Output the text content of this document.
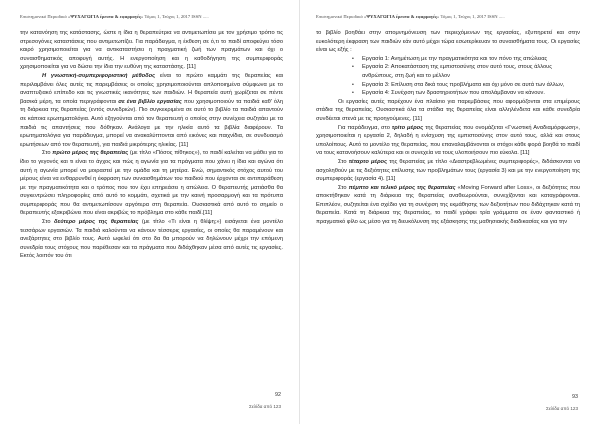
Επιστημονικό Περιοδικό «ΨΥΧΑΓΩΓΙΑ έρευνα & εφαρμογές» Τόμος 1, Τεύχος 1, 2017 ISSN .....

την κατανόηση της κατάστασης, ώστε η ίδια η θεραπεύτρια να αντιμετωπίσει με τον χρήσιμο τρόπο τις στρεσογόνες καταστάσεις που αντιμετωπίζει. Για παράδειγμα, η έκθεση σε ό,τι το παιδί αποφεύγει τόσο καιρό χρησιμοποιείται για να αντικαταστήσει η πραγματική ζωή των πραγμάτων και όχι ο συναισθηματικός αποφυγή αυτής. Η ενεργοποίηση και η καθοδήγηση της συμπεριφοράς χρησιμοποιείται για να δώσει την ίδια την ευθύνη της καταστάσης. [11]

Η γνωστική-συμπεριφοριστική μέθοδος είναι το πρώτο καμμάτι της θεραπείας και περιλαμβάνει όλες αυτές τις παρεμβάσεις οι οποίες χρησιμοποιούνται απλοποιημένα σύμφωνα με το αναπτυξιακό επίπεδο και τις γνωστικές ικανότητες των παιδιών. Η θεραπεία αυτή χωρίζεται σε πέντε βασικά μέρη, τα οποία περιγράφονται σε ένα βιβλίο εργασίας που χρησιμοποιούν τα παιδιά καθ' όλη τη διάρκεια της θεραπείας (εντός συνεδριών). Πιο συγκεκριμένα σε αυτό το βιβλίο τα παιδιά απαντούν σε κάποια ερωτηματολόγια. Αυτό εξηγούνται από τον θεραπευτή ο οποίος στην συνέχεια συζητάει με τα παιδιά τις απαντήσεις που δόθηκαν. Ανάλογα με την ηλικία αυτό τα βιβλία διαφέρουν. Τα ερωτηματολόγια για παράδειγμα, μπορεί να ανακαλύπτονται από εικόνες και παιχνίδια, σε συνδυασμό ερωτήσεων από τον θεραπευτή, για παιδιά μικρότερης ηλικίας. [11]

Στο πρώτο μέρος της θεραπείας (με τίτλο «Πόσος πίθηκος»), το παιδί καλείται να μάθει για το ίδιο το γεγονός και τι είναι το άγχος και πώς η αγωνία για τα πράγματα που χάνει η ίδια και αγώνα ότι αυτή η αγωνία μπορεί να μοιραστεί με την ομάδα και τη μητέρα. Ενώ, σημαντικός στόχος αυτού του μέρους είναι να ενθαρρυνθεί η έκφραση των συναισθημάτων του παιδιού που έρχονται σε αντιπαράθεση με την πραγματικότητα και ο τρόπος που τον έχει επηρεάσει η απώλεια. Ο θεραπευτής ματιάσθα θα συγκεντρώσει πληροφορίες από αυτό το κομμάτι, σχετικά με την καινή προσαρμογή και τα πρότυπα συμπεριφοράς που θα αντιμετωπίσουν αργότερα στη θεραπεία. Ουσιαστικά από αυτό το σημείο ο θεραπευτής εξακριβώνει που είναι ακριβώς το πρόβλημα στο κάθε παιδί.[11]

Στο δεύτερο μέρος της θεραπείας (με τίτλο «Τι είναι η θλίψη;») εισάγεται ένα μοντέλο τεσσάρων εργασιών. Τα παιδιά καλούνται να κάνουν τέσσερις εργασίες, οι οποίες θα παραμένουν και ανεξάρτητες στο βιβλίο τους. Αυτό ωφελεί ότι στο δα θα μπορούν να δηλώνουν μέχρι την επόμενη συνεδρία τους στόχους που παρέθεσαν και τα πράγματα που διδάχθηκαν μέσα από αυτές τις εργασίες. Εκτός λοιπόν του ότι

92
Σελίδα από 123
Επιστημονικό Περιοδικό «ΨΥΧΑΓΩΓΙΑ έρευνα & εφαρμογές» Τόμος 1, Τεύχος 1, 2017 ISSN .....

το βιβλίο βοηθάει στην απομνημόνευση των περιεχόμενων της εργασίας, εξυπηρετεί και στην ευκολότερη έκφραση των παιδιών εάν αυτό μέχρι τώρα εσωτερίκευαν το συναισθήματα τους. Οι εργασίες είναι ως εξής :

• Εργασία 1: Ανημέτωση με την πραγματικότητα και τον πόνο της απώλειας
• Εργασία 2: Αποκατάσταση της εμπιστοσύνης στον αυτό τους, στους άλλους ανθρώπους, στη ζωή και το μέλλον
• Εργασία 3: Επίλυση στα δικά τους προβλήματα και όχι μόνο σε αυτά των άλλων,
• Εργασία 4: Συνέχιση των δραστηριοτήτων που απολάμβαναν να κάνουν.

Οι εργασίες αυτές παρέχουν ένα πλαίσιο για παρεμβάσεις που αφορμόζονται στα επιμέρους στάδια της θεραπείας. Ουσιαστικά όλα τα στάδια της θεραπείας είναι αλληλένδετα και κάθε συνεδρία συνδέεται στενά με τις προηγούμενες. [11]

Για παράδειγμα, στο τρίτο μέρος της θεραπείας που ονομάζεται «Γνωστική Αναδιαμόρφωση», χρησιμοποιείται η εργασία 2, δηλαδή η ενίσχυση της εμπιστοσύνης στον αυτό τους, αλλά και στους υπολοίπους. Αυτό το μοντέλο της θεραπείας, που επαναλαμβάνονται οι στόχοι κάθε φορά βοηθά το παιδί να τους κατανοήσουν καλύτερα και οι συνεχεία να τους υλοποιήσουν πιο εύκολα. [11]

Στο τέταρτο μέρος της θεραπείας με τίτλο «Διαστρεβλωμένες συμπεριφορές», διδάσκονται να ασχοληθούν με τις δεξιότητες επίλυσης των προβλημάτων τους (εργασία 3) και με την ενεργοποίηση της συμπεριφοράς (εργασία 4). [11]

Στο πέμπτο και τελικό μέρος της θεραπείας «Moving Forward after Loss», οι δεξιότητες που αποκτήθηκαν κατά τη διάρκεια της θεραπείας αναθεωρούνται, συνεχίζονται και καταγράφονται. Επιπλέον, συζητείται ένα σχέδιο για τη συνέχιση της εκμάθησης των δεξιοτήτων που διδάχτηκαν κατά τη θεραπεία. Κατά τη διάρκεια της θεραπείας, το παιδί γράφει τρία γράμματα σε έναν φανταστικό ή πραγματικό φίλο ως μέσο για τη διευκόλυνση της εξάσκησης της μαθησιακής διαδικασίας και για την

93
Σελίδα από 123
